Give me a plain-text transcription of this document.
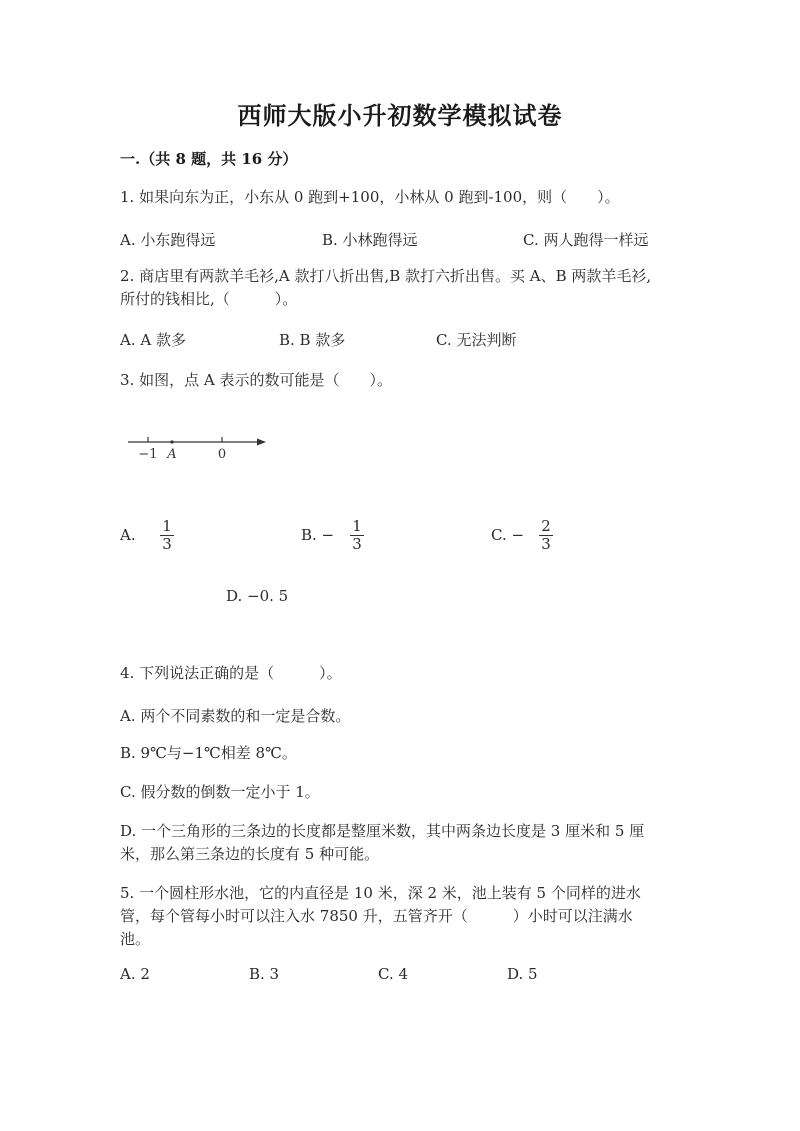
西师大版小升初数学模拟试卷
一.（共 8 题，共 16 分）
1. 如果向东为正，小东从 0 跑到+100，小林从 0 跑到-100，则（　　）。
A. 小东跑得远	B. 小林跑得远	C. 两人跑得一样远
2. 商店里有两款羊毛衫,A 款打八折出售,B 款打六折出售。买 A、B 两款羊毛衫,
所付的钱相比,（　　　）。
A. A 款多	B. B 款多	C. 无法判断
3. 如图，点 A 表示的数可能是（　　）。
−1 A	0
A. 1
3	B. − 1
3	C. − 2
3
D. −0. 5
4. 下列说法正确的是（　　　）。
A. 两个不同素数的和一定是合数。
B. 9℃与−1℃相差 8℃。
C. 假分数的倒数一定小于 1。
D. 一个三角形的三条边的长度都是整厘米数，其中两条边长度是 3 厘米和 5 厘
米，那么第三条边的长度有 5 种可能。
5. 一个圆柱形水池，它的内直径是 10 米，深 2 米，池上装有 5 个同样的进水
管，每个管每小时可以注入水 7850 升，五管齐开（　　　）小时可以注满水
池。
A. 2	B. 3	C. 4	D. 5
